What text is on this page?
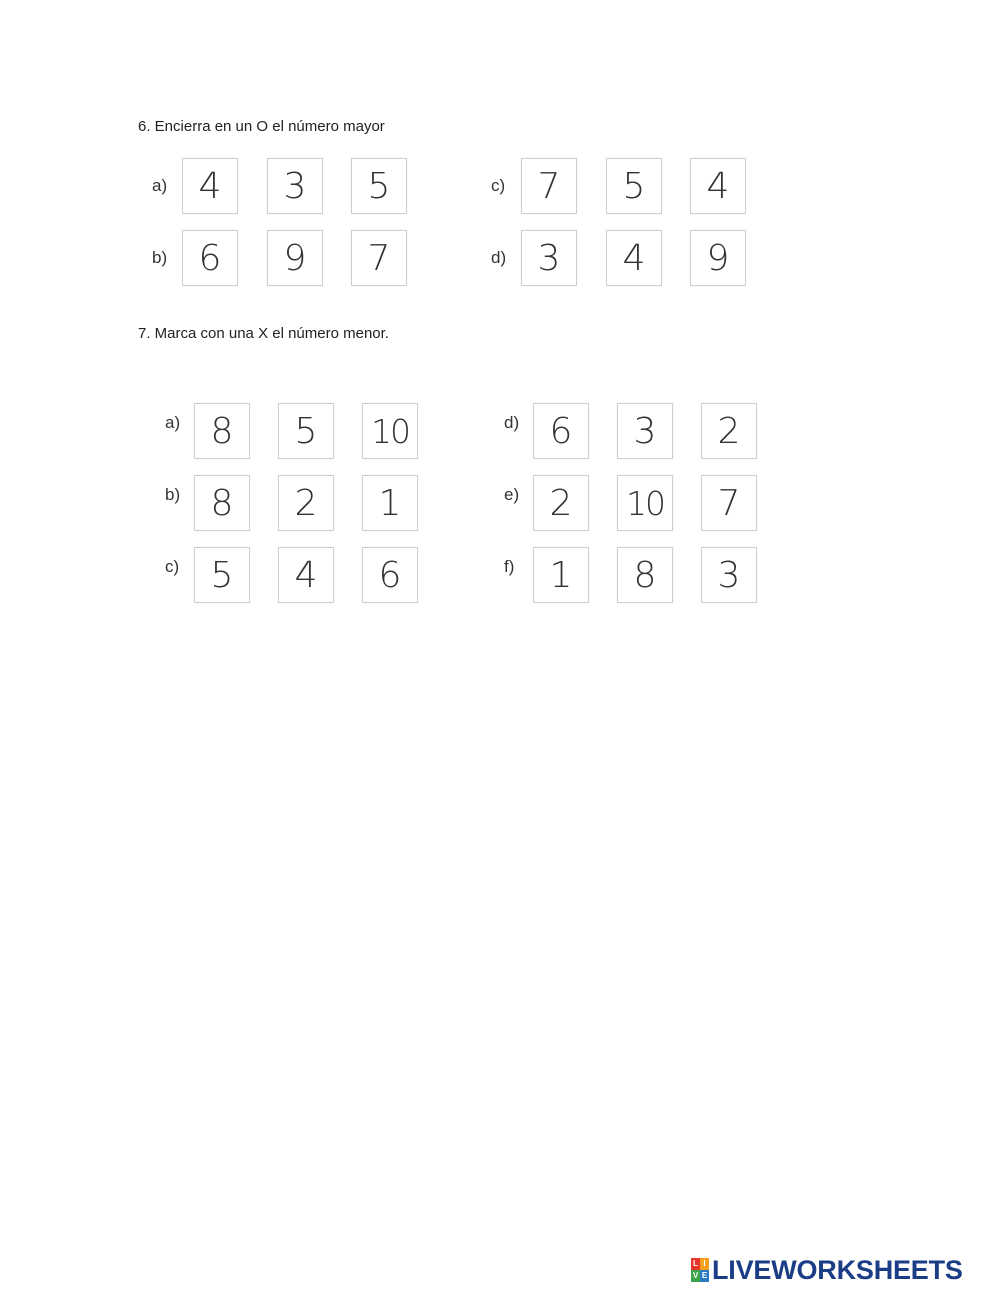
6. Encierra en un O el número mayor
a) 4	3	5
b) 6	9	7
c) 7	5	4
d) 3	4	9
7. Marca con una X el número menor.
a) 8	5	10
b) 8	2	1
c) 5	4	6
d) 6	3	2
e) 2	10	7
f) 1	8	3
L I
V E LIVEWORKSHEETS
